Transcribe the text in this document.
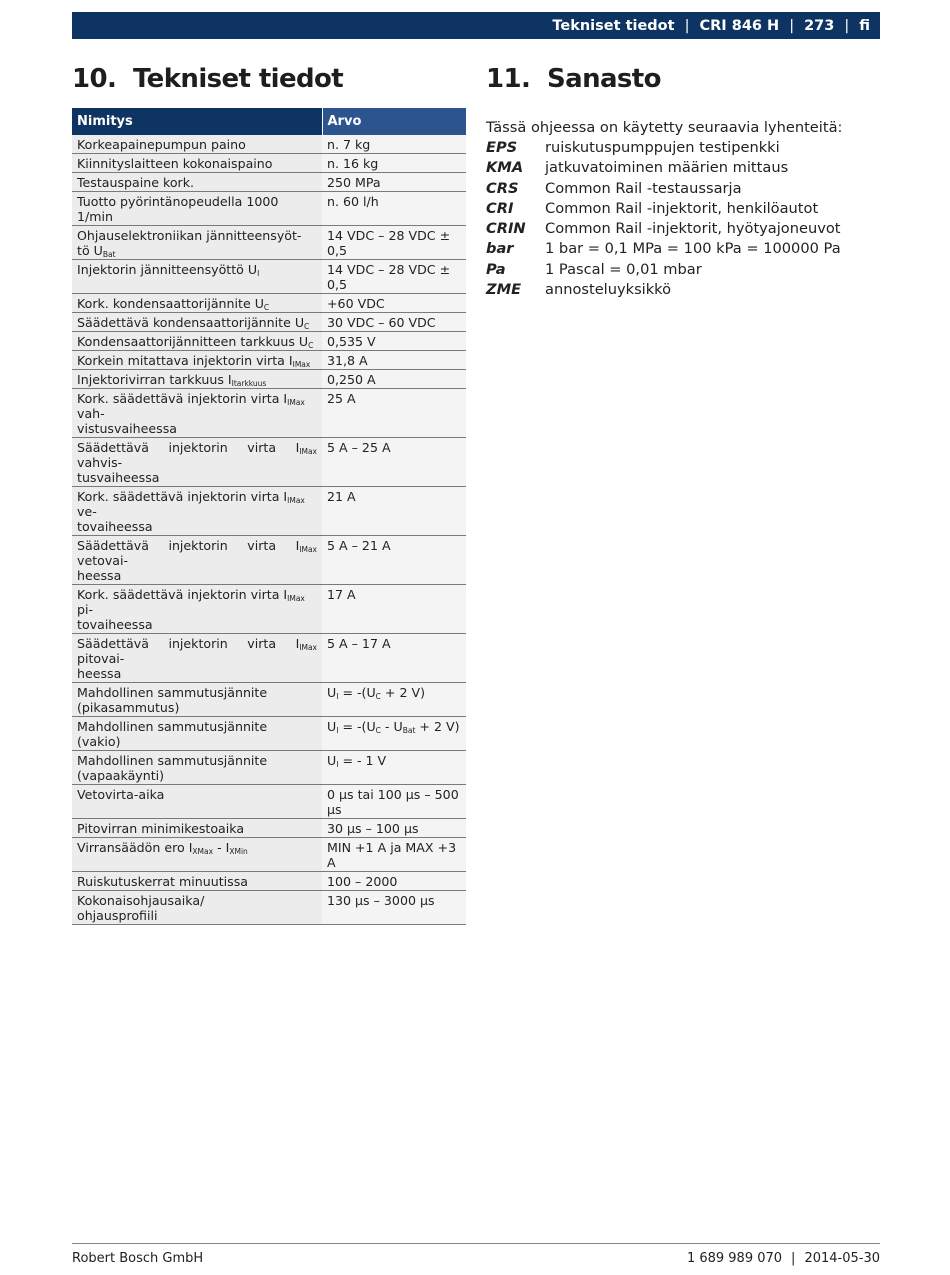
Tekniset tiedot | CRI 846 H | 273 | fi
10. Tekniset tiedot	11. Sanasto
Nimitys	Arvo
Korkeapainepumpun paino	n. 7 kg
Kiinnityslaitteen kokonaispaino	n. 16 kg
Testauspaine kork.	250 MPa
Tuotto pyörintänopeudella 1000 1/min	n. 60 l/h
Ohjauselektroniikan jännitteensyöt-
tö $U_{Bat}$	14 VDC – 28 VDC ±
0,5
Injektorin jännitteensyöttö $U_I$	14 VDC – 28 VDC ±
0,5
Kork. kondensaattorijännite $U_C$	+60 VDC
Säädettävä kondensaattorijännite $U_C$	30 VDC – 60 VDC
Kondensaattorijännitteen tarkkuus $U_C$	0,535 V
Korkein mitattava injektorin virta $I_{IMax}$	31,8 A
Injektorivirran tarkkuus $I_{Itarkkuus}$	0,250 A
Kork. säädettävä injektorin virta $I_{IMax}$ vah-
vistusvaiheessa	25 A
Säädettävä injektorin virta $I_{IMax}$ vahvis-
tusvaiheessa	5 A – 25 A
Kork. säädettävä injektorin virta $I_{IMax}$ ve-
tovaiheessa	21 A
Säädettävä injektorin virta $I_{IMax}$ vetovai-
heessa	5 A – 21 A
Kork. säädettävä injektorin virta $I_{IMax}$ pi-
tovaiheessa	17 A
Säädettävä injektorin virta $I_{IMax}$ pitovai-
heessa	5 A – 17 A
Mahdollinen sammutusjännite
(pikasammutus)	$U_I = -(U_C + 2$ V)
Mahdollinen sammutusjännite
(vakio)	$U_I = -(U_C - U_{Bat} + 2$ V)
Mahdollinen sammutusjännite
(vapaakäynti)	$U_I$ = - 1 V
Vetovirta-aika	0 µs tai 100 µs – 500
µs
Pitovirran minimikestoaika	30 µs – 100 µs
Virransäädön ero $I_{XMax} - I_{XMin}$	MIN +1 A ja MAX +3 A
Ruiskutuskerrat minuutissa	100 – 2000
Kokonaisohjausaika/
ohjausprofiili	130 µs – 3000 µs
Tässä ohjeessa on käytetty seuraavia lyhenteitä:
EPS	ruiskutuspumppujen testipenkki
KMA	jatkuvatoiminen määrien mittaus
CRS	Common Rail -testaussarja
CRI	Common Rail -injektorit, henkilöautot
CRIN	Common Rail -injektorit, hyötyajoneuvot
bar	1 bar = 0,1 MPa = 100 kPa = 100000 Pa
Pa	1 Pascal = 0,01 mbar
ZME	annosteluyksikkö
Robert Bosch GmbH	1 689 989 070 | 2014-05-30
